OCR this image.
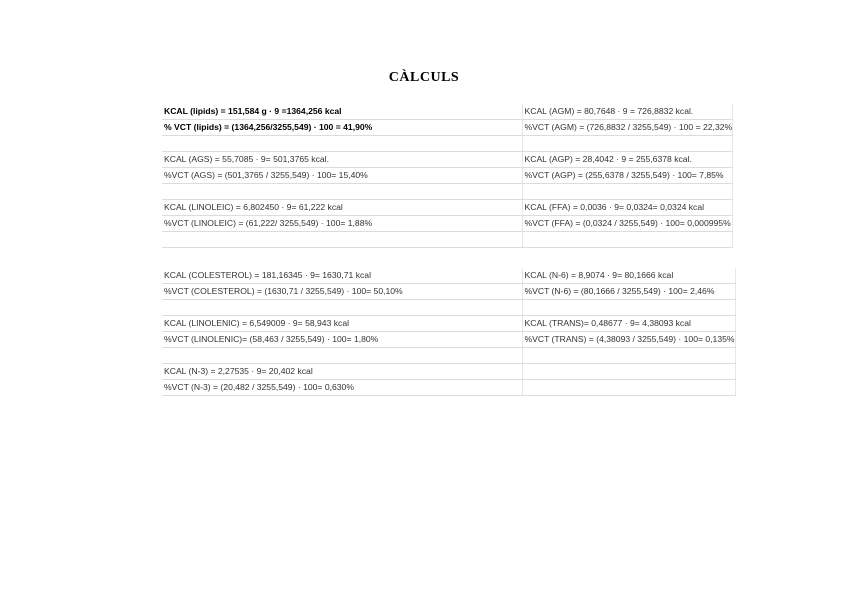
CÀLCULS
KCAL (lipids) = 151,584 g · 9 =1364,256 kcal	KCAL (AGM) = 80,7648 · 9 = 726,8832 kcal.
% VCT (lipids) = (1364,256/3255,549) · 100 = 41,90%	%VCT (AGM) = (726,8832 / 3255,549) · 100 = 22,32%

KCAL (AGS) = 55,7085 · 9= 501,3765 kcal.	KCAL (AGP) = 28,4042 · 9 = 255,6378 kcal.
%VCT (AGS) = (501,3765 / 3255,549) · 100= 15,40%	%VCT (AGP) = (255,6378 / 3255,549) · 100= 7,85%

KCAL (LINOLEIC) = 6,802450 · 9= 61,222 kcal	KCAL (FFA) = 0,0036 · 9= 0,0324= 0,0324 kcal
%VCT (LINOLEIC) = (61,222/ 3255,549) · 100= 1,88%	%VCT (FFA) = (0,0324 / 3255,549) · 100= 0,000995%

KCAL (COLESTEROL) = 181,16345 · 9= 1630,71 kcal	KCAL (N-6) = 8,9074 · 9= 80,1666 kcal
%VCT (COLESTEROL) = (1630,71 / 3255,549) · 100= 50,10%	%VCT (N-6) = (80,1666 / 3255,549) · 100= 2,46%

KCAL (LINOLENIC) = 6,549009 · 9= 58,943 kcal	KCAL (TRANS)= 0,48677 · 9= 4,38093 kcal
%VCT (LINOLENIC)= (58,463 / 3255,549) · 100= 1,80%	%VCT (TRANS) = (4,38093 / 3255,549) · 100= 0,135%

KCAL (N-3) = 2,27535 · 9= 20,402 kcal	
%VCT (N-3) = (20,482 / 3255,549) · 100= 0,630%	
